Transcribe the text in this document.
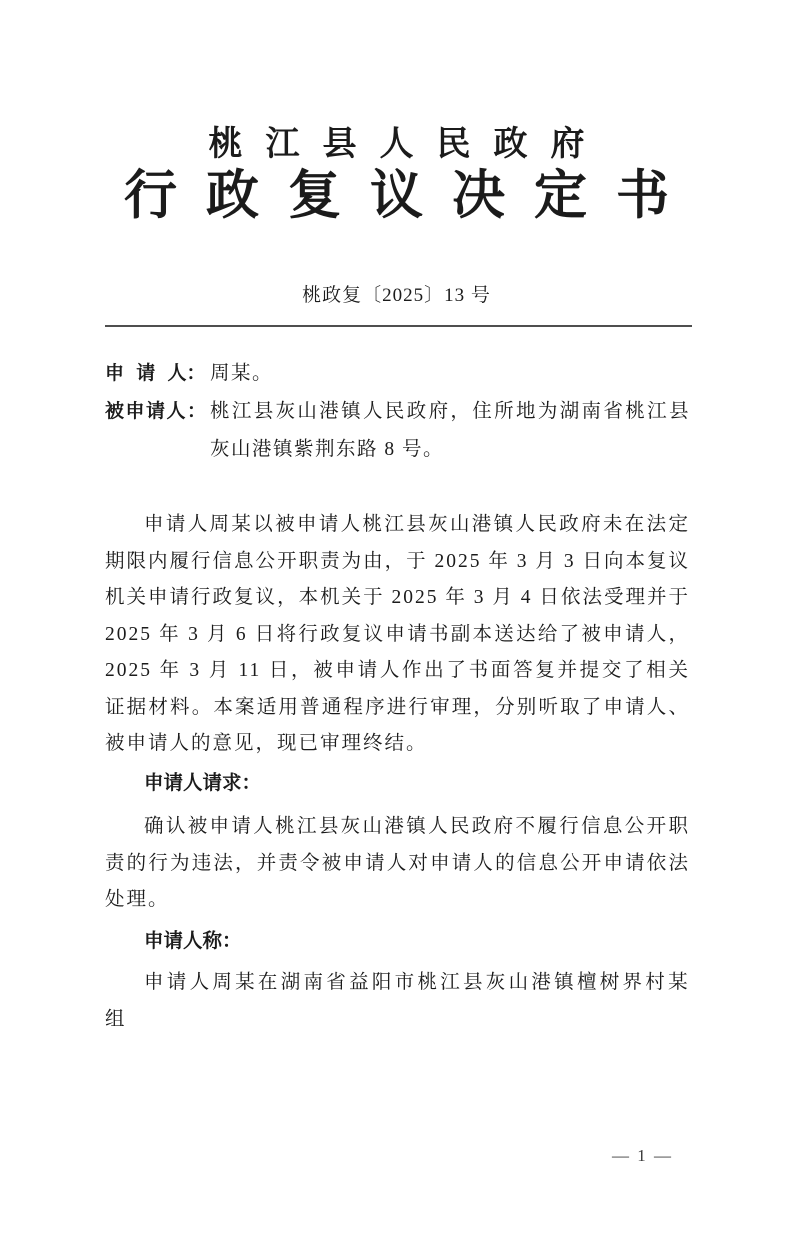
桃江县人民政府
行政复议决定书
桃政复〔2025〕13 号
申 请 人： 周某。
被申请人： 桃江县灰山港镇人民政府，住所地为湖南省桃江县灰山港镇紫荆东路 8 号。

申请人周某以被申请人桃江县灰山港镇人民政府未在法定期限内履行信息公开职责为由，于 2025 年 3 月 3 日向本复议机关申请行政复议，本机关于 2025 年 3 月 4 日依法受理并于 2025 年 3 月 6 日将行政复议申请书副本送达给了被申请人，2025 年 3 月 11 日，被申请人作出了书面答复并提交了相关证据材料。本案适用普通程序进行审理，分别听取了申请人、被申请人的意见，现已审理终结。

申请人请求：

确认被申请人桃江县灰山港镇人民政府不履行信息公开职责的行为违法，并责令被申请人对申请人的信息公开申请依法处理。

申请人称：

申请人周某在湖南省益阳市桃江县灰山港镇檀树界村某组

— 1 —
